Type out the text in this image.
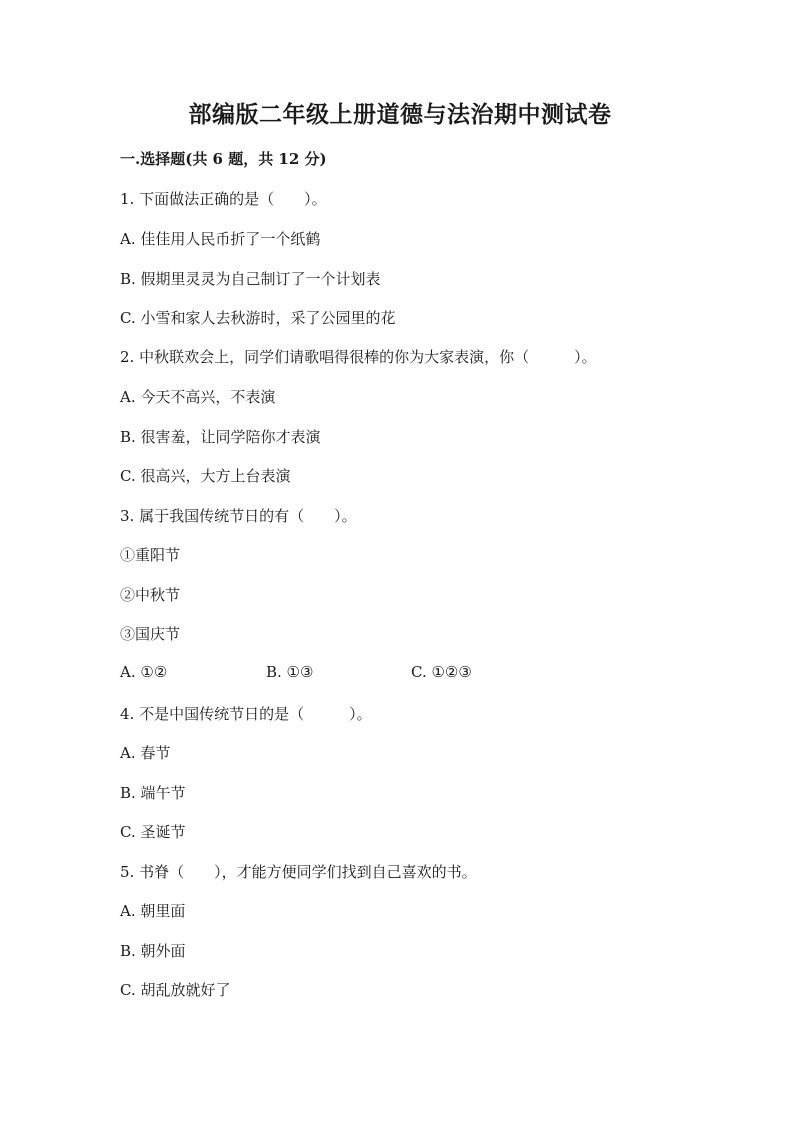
部编版二年级上册道德与法治期中测试卷
一.选择题(共 6 题，共 12 分)
1. 下面做法正确的是（　　）。
A. 佳佳用人民币折了一个纸鹤
B. 假期里灵灵为自己制订了一个计划表
C. 小雪和家人去秋游时，采了公园里的花
2. 中秋联欢会上，同学们请歌唱得很棒的你为大家表演，你（　　　）。
A. 今天不高兴，不表演
B. 很害羞，让同学陪你才表演
C. 很高兴，大方上台表演
3. 属于我国传统节日的有（　　）。
①重阳节
②中秋节
③国庆节
A. ①②	B. ①③	C. ①②③
4. 不是中国传统节日的是（　　　）。
A. 春节
B. 端午节
C. 圣诞节
5. 书脊（　　），才能方便同学们找到自己喜欢的书。
A. 朝里面
B. 朝外面
C. 胡乱放就好了
